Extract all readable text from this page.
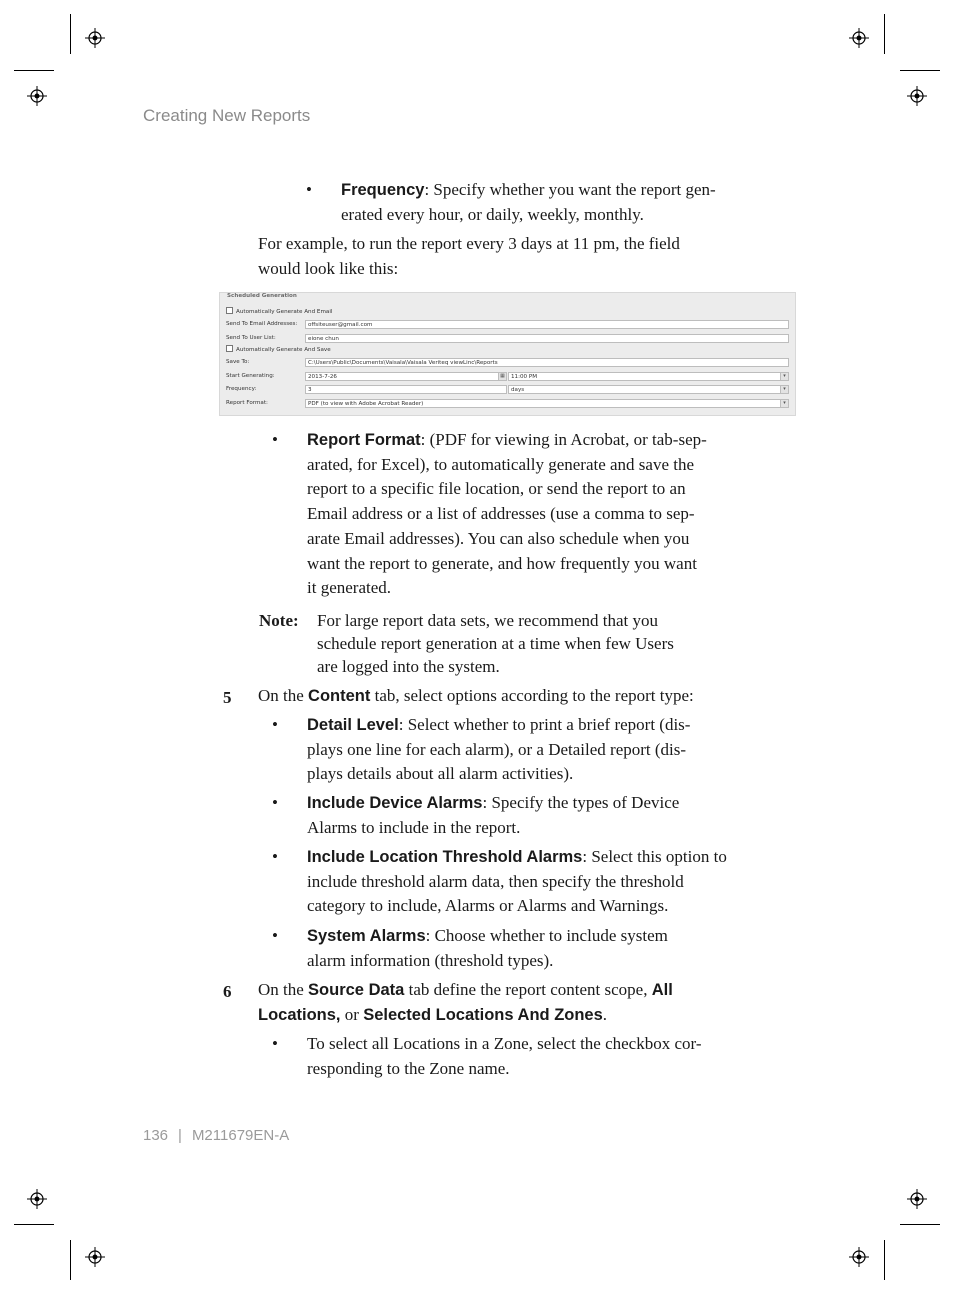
Creating New Reports
• Frequency: Specify whether you want the report gen-
erated every hour, or daily, weekly, monthly.
For example, to run the report every 3 days at 11 pm, the field
would look like this:
Scheduled Generation
Automatically Generate And Email
Send To Email Addresses:	offsiteuser@gmail.com
Send To User List:	eione chun
Automatically Generate And Save
Save To:	C:\Users\Public\Documents\Vaisala\Vaisala Veriteq viewLinc\Reports
Start Generating:	2013-7-26	▦	11:00 PM	▾
Frequency:	3	days	▾
Report Format:	PDF (to view with Adobe Acrobat Reader)	▾
• Report Format: (PDF for viewing in Acrobat, or tab-sep-
arated, for Excel), to automatically generate and save the
report to a specific file location, or send the report to an
Email address or a list of addresses (use a comma to sep-
arate Email addresses). You can also schedule when you
want the report to generate, and how frequently you want
it generated.
Note: For large report data sets, we recommend that you
schedule report generation at a time when few Users
are logged into the system.
5 On the Content tab, select options according to the report type:
• Detail Level: Select whether to print a brief report (dis-
plays one line for each alarm), or a Detailed report (dis-
plays details about all alarm activities).
• Include Device Alarms: Specify the types of Device
Alarms to include in the report.
• Include Location Threshold Alarms: Select this option to
include threshold alarm data, then specify the threshold
category to include, Alarms or Alarms and Warnings.
• System Alarms: Choose whether to include system
alarm information (threshold types).
6 On the Source Data tab define the report content scope, All
Locations, or Selected Locations And Zones.
• To select all Locations in a Zone, select the checkbox cor-
responding to the Zone name.
136 | M211679EN-A
